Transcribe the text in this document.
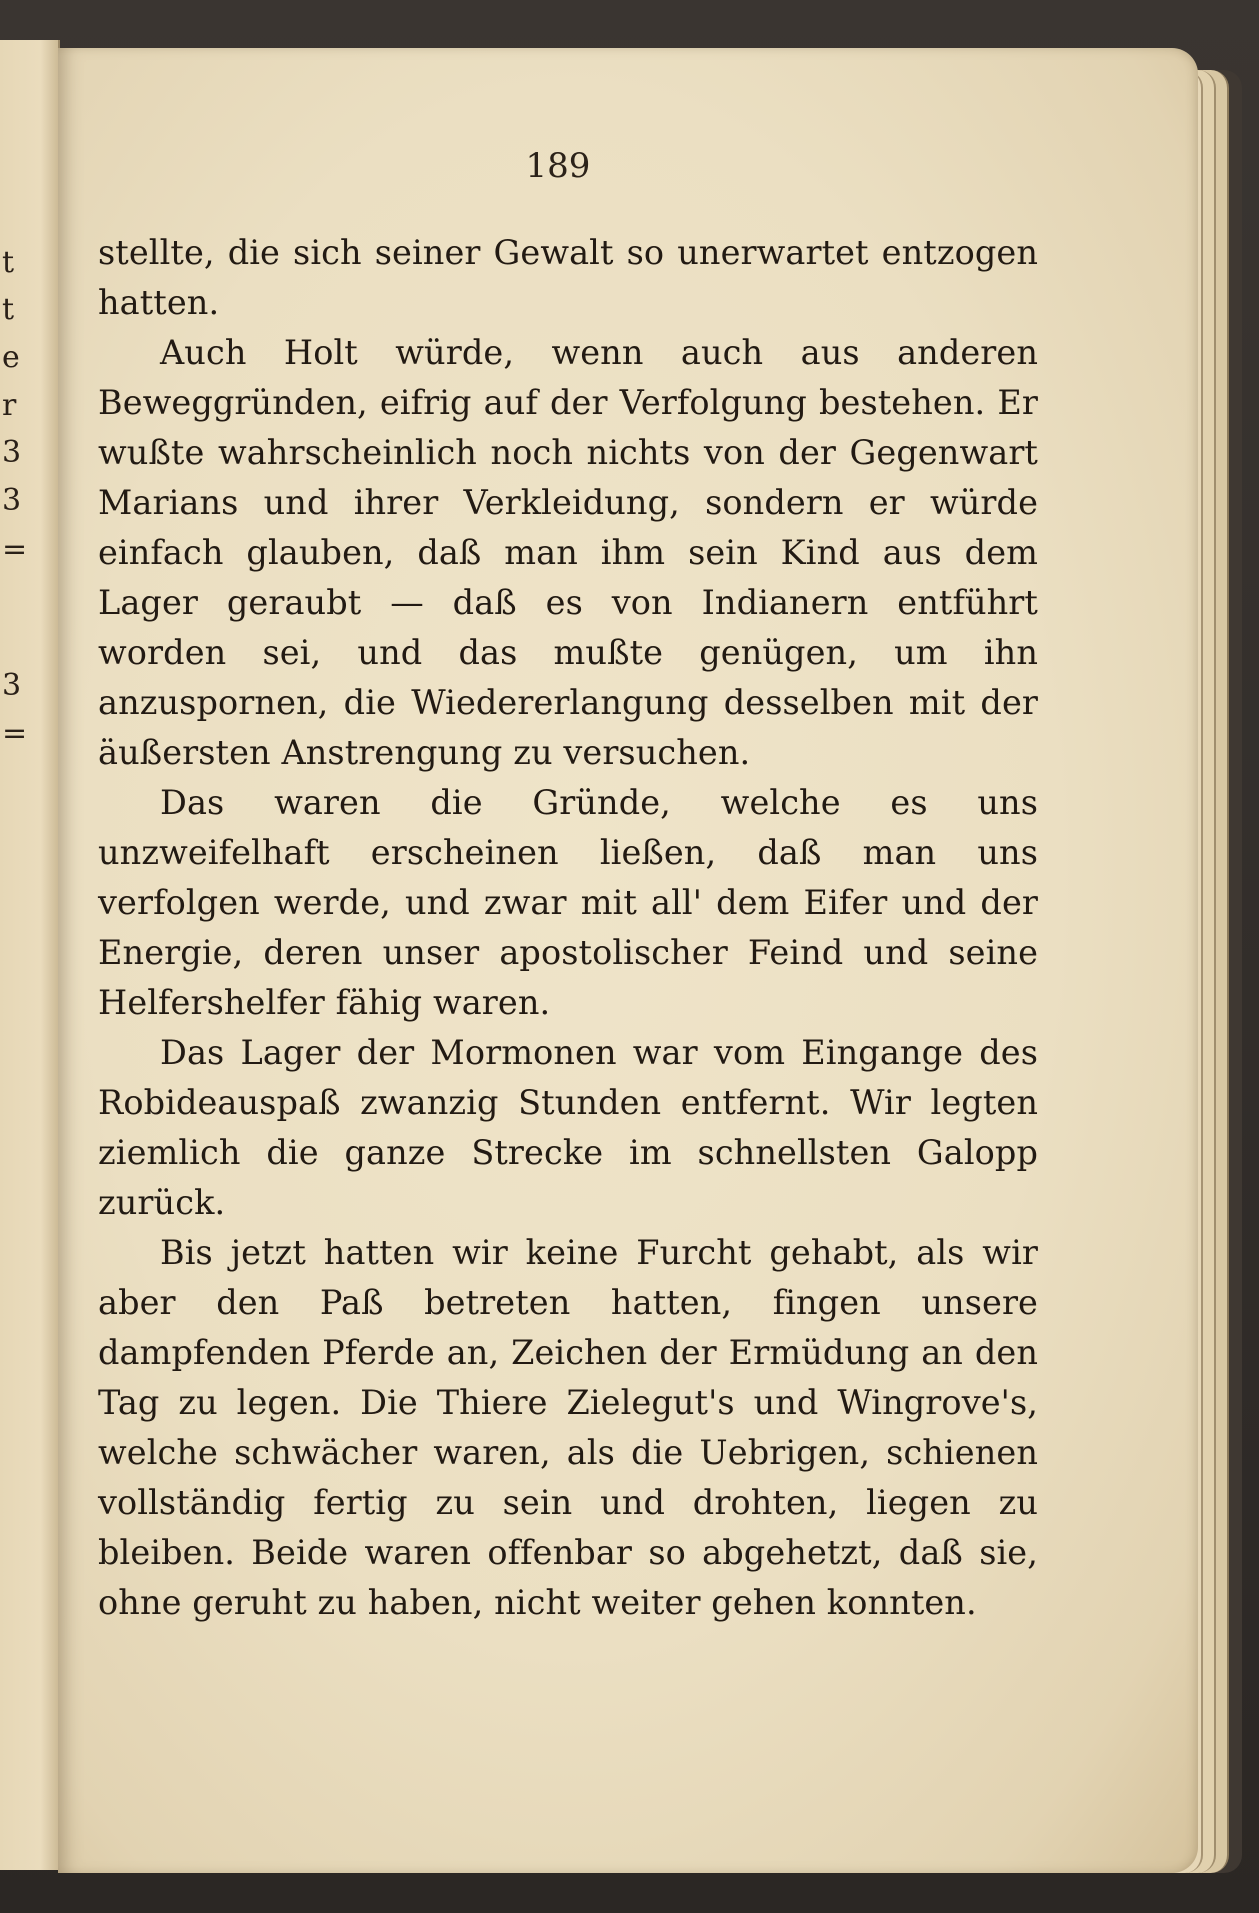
t
t
e
r
3
3
=
3
=
189

stellte, die sich seiner Gewalt so unerwartet entzogen hatten.

Auch Holt würde, wenn auch aus anderen Beweggründen, eifrig auf der Verfolgung bestehen. Er wußte wahrscheinlich noch nichts von der Gegenwart Marians und ihrer Verkleidung, sondern er würde einfach glauben, daß man ihm sein Kind aus dem Lager geraubt — daß es von Indianern entführt worden sei, und das mußte genügen, um ihn anzuspornen, die Wiedererlangung desselben mit der äußersten Anstrengung zu versuchen.

Das waren die Gründe, welche es uns unzweifelhaft erscheinen ließen, daß man uns verfolgen werde, und zwar mit all' dem Eifer und der Energie, deren unser apostolischer Feind und seine Helfershelfer fähig waren.

Das Lager der Mormonen war vom Eingange des Robideauspaß zwanzig Stunden entfernt. Wir legten ziemlich die ganze Strecke im schnellsten Galopp zurück.

Bis jetzt hatten wir keine Furcht gehabt, als wir aber den Paß betreten hatten, fingen unsere dampfenden Pferde an, Zeichen der Ermüdung an den Tag zu legen. Die Thiere Zielegut's und Wingrove's, welche schwächer waren, als die Uebrigen, schienen vollständig fertig zu sein und drohten, liegen zu bleiben. Beide waren offenbar so abgehetzt, daß sie, ohne geruht zu haben, nicht weiter gehen konnten.
